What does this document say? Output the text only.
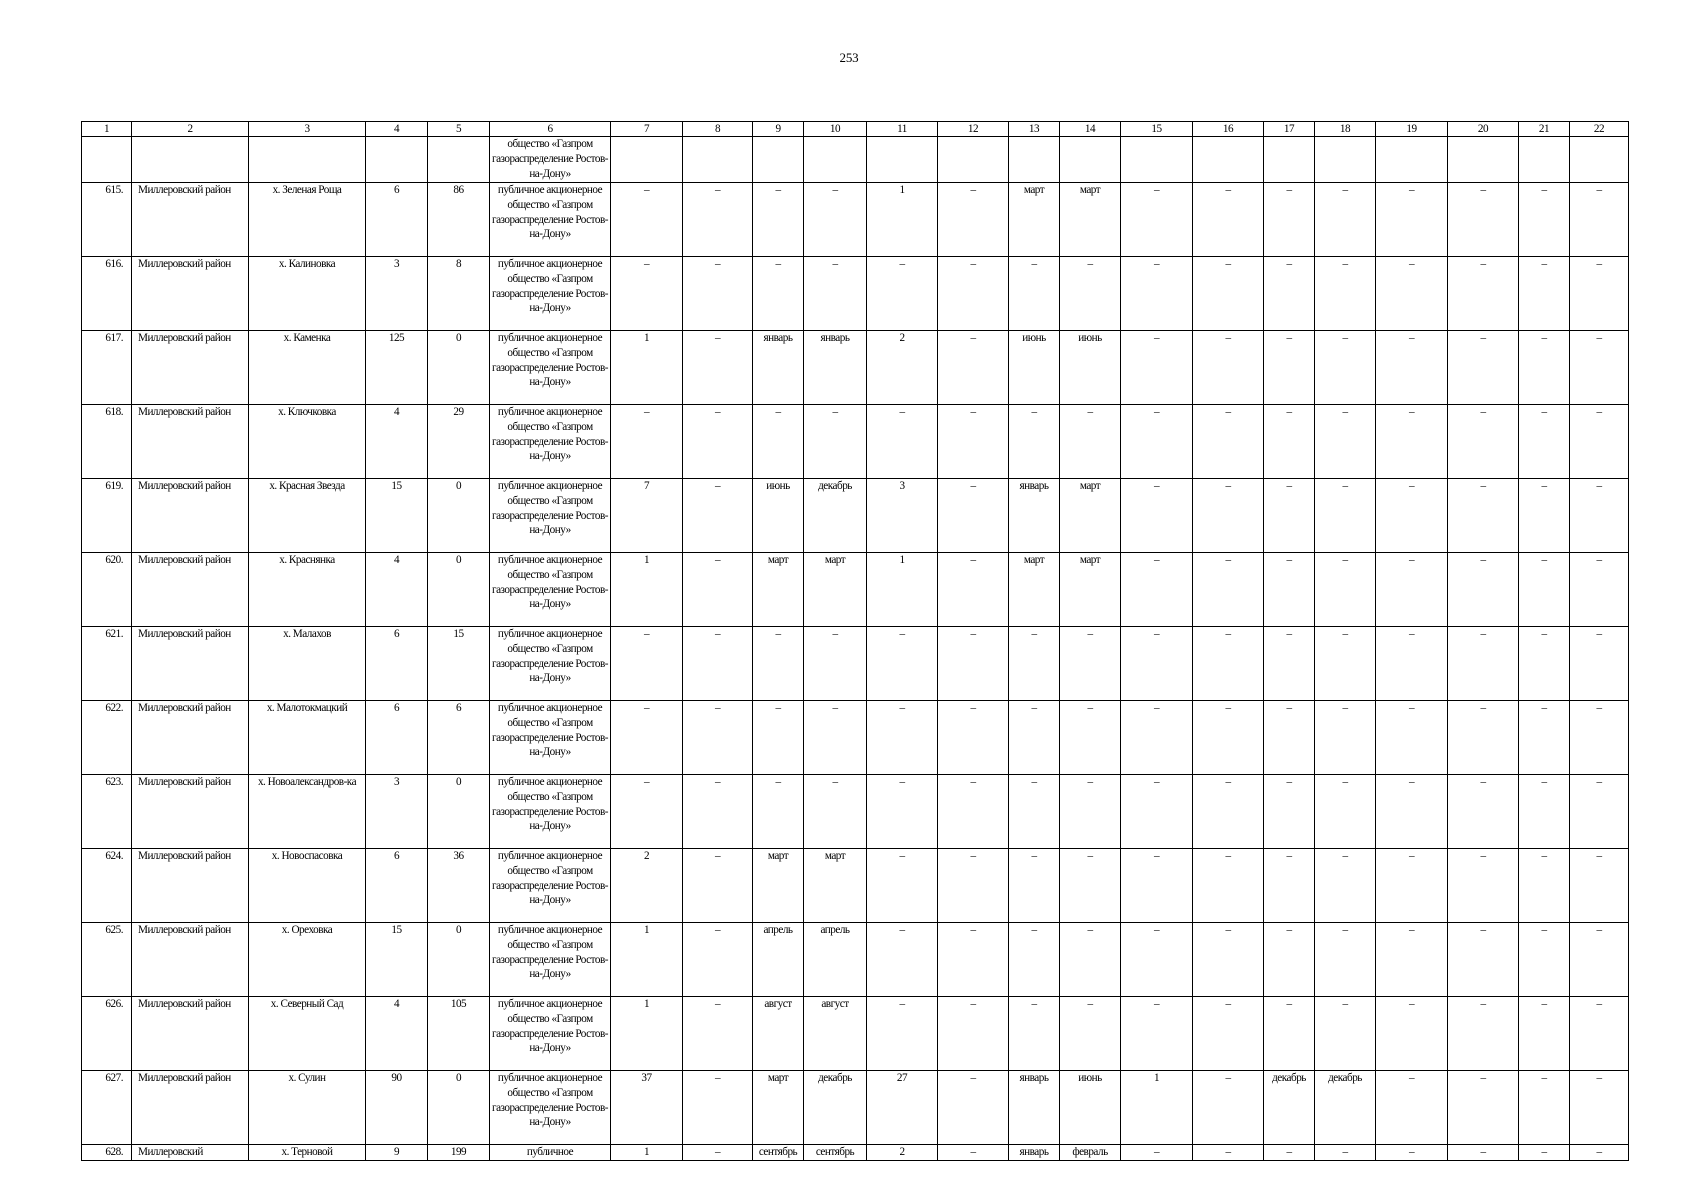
253
1	2	3	4	5	6	7	8	9	10	11	12	13	14	15	16	17	18	19	20	21	22
					общество «Газпром газораспределение Ростов-на-Дону»																
615.	Миллеровский район	х. Зеленая Роща	6	86	публичное акционерное общество «Газпром газораспределение Ростов-на-Дону»	–	–	–	–	1	–	март	март	–	–	–	–	–	–	–	–
616.	Миллеровский район	х. Калиновка	3	8	публичное акционерное общество «Газпром газораспределение Ростов-на-Дону»	–	–	–	–	–	–	–	–	–	–	–	–	–	–	–	–
617.	Миллеровский район	х. Каменка	125	0	публичное акционерное общество «Газпром газораспределение Ростов-на-Дону»	1	–	январь	январь	2	–	июнь	июнь	–	–	–	–	–	–	–	–
618.	Миллеровский район	х. Ключковка	4	29	публичное акционерное общество «Газпром газораспределение Ростов-на-Дону»	–	–	–	–	–	–	–	–	–	–	–	–	–	–	–	–
619.	Миллеровский район	х. Красная Звезда	15	0	публичное акционерное общество «Газпром газораспределение Ростов-на-Дону»	7	–	июнь	декабрь	3	–	январь	март	–	–	–	–	–	–	–	–
620.	Миллеровский район	х. Краснянка	4	0	публичное акционерное общество «Газпром газораспределение Ростов-на-Дону»	1	–	март	март	1	–	март	март	–	–	–	–	–	–	–	–
621.	Миллеровский район	х. Малахов	6	15	публичное акционерное общество «Газпром газораспределение Ростов-на-Дону»	–	–	–	–	–	–	–	–	–	–	–	–	–	–	–	–
622.	Миллеровский район	х. Малотокмацкий	6	6	публичное акционерное общество «Газпром газораспределение Ростов-на-Дону»	–	–	–	–	–	–	–	–	–	–	–	–	–	–	–	–
623.	Миллеровский район	х. Новоалександров-ка	3	0	публичное акционерное общество «Газпром газораспределение Ростов-на-Дону»	–	–	–	–	–	–	–	–	–	–	–	–	–	–	–	–
624.	Миллеровский район	х. Новоспасовка	6	36	публичное акционерное общество «Газпром газораспределение Ростов-на-Дону»	2	–	март	март	–	–	–	–	–	–	–	–	–	–	–	–
625.	Миллеровский район	х. Ореховка	15	0	публичное акционерное общество «Газпром газораспределение Ростов-на-Дону»	1	–	апрель	апрель	–	–	–	–	–	–	–	–	–	–	–	–
626.	Миллеровский район	х. Северный Сад	4	105	публичное акционерное общество «Газпром газораспределение Ростов-на-Дону»	1	–	август	август	–	–	–	–	–	–	–	–	–	–	–	–
627.	Миллеровский район	х. Сулин	90	0	публичное акционерное общество «Газпром газораспределение Ростов-на-Дону»	37	–	март	декабрь	27	–	январь	июнь	1	–	декабрь	декабрь	–	–	–	–
628.	Миллеровский	х. Терновой	9	199	публичное	1	–	сентябрь	сентябрь	2	–	январь	февраль	–	–	–	–	–	–	–	–
